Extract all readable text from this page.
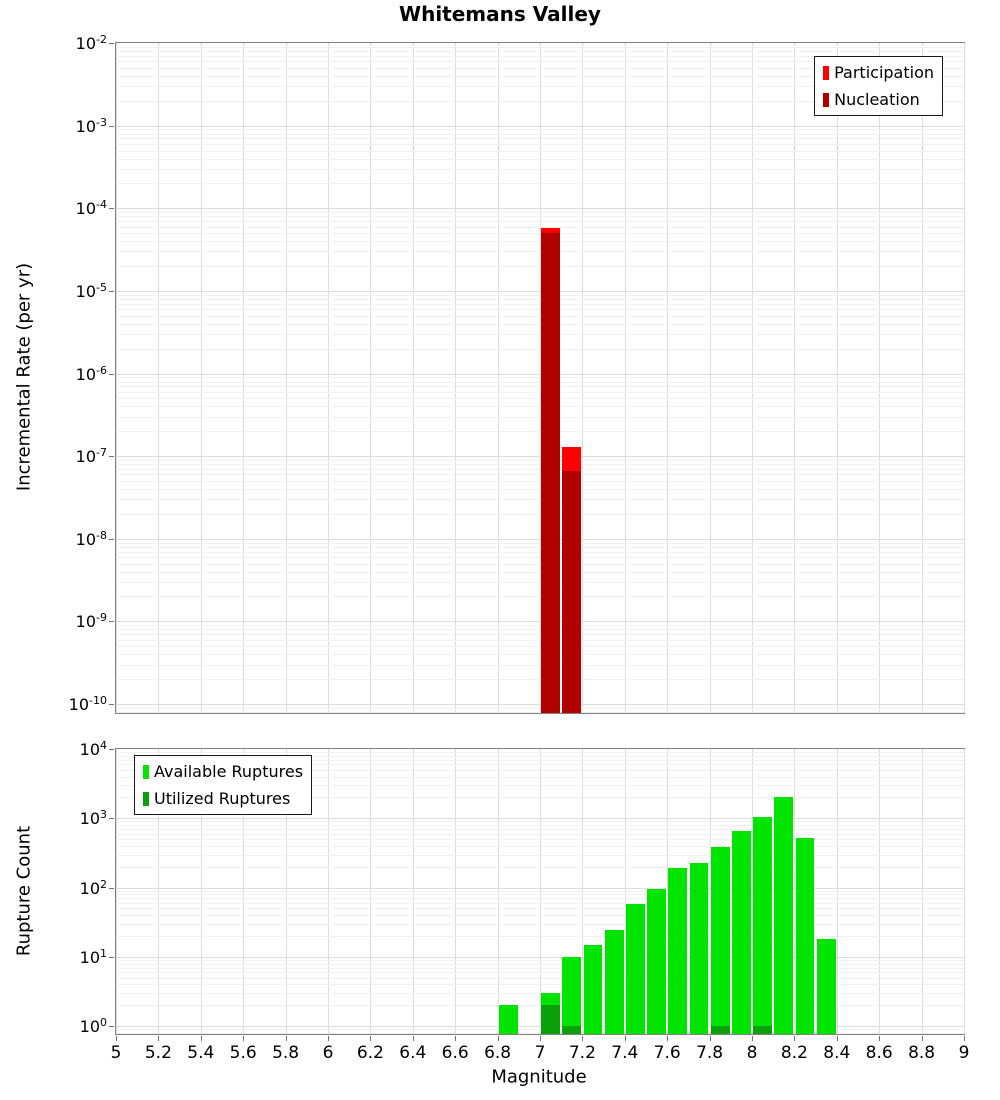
Whitemans Valley
Incremental Rate (per yr)
Rupture Count
Magnitude
Participation
Nucleation
$10^{-2}$
$10^{-3}$
$10^{-4}$
$10^{-5}$
$10^{-6}$
$10^{-7}$
$10^{-8}$
$10^{-9}$
$10^{-10}$
Available Ruptures
Utilized Ruptures
$10^4$
$10^3$
$10^2$
$10^1$
$10^0$
5 5.2 5.4 5.6 5.8 6 6.2 6.4 6.6 6.8 7 7.2 7.4 7.6 7.8 8 8.2 8.4 8.6 8.8 9
